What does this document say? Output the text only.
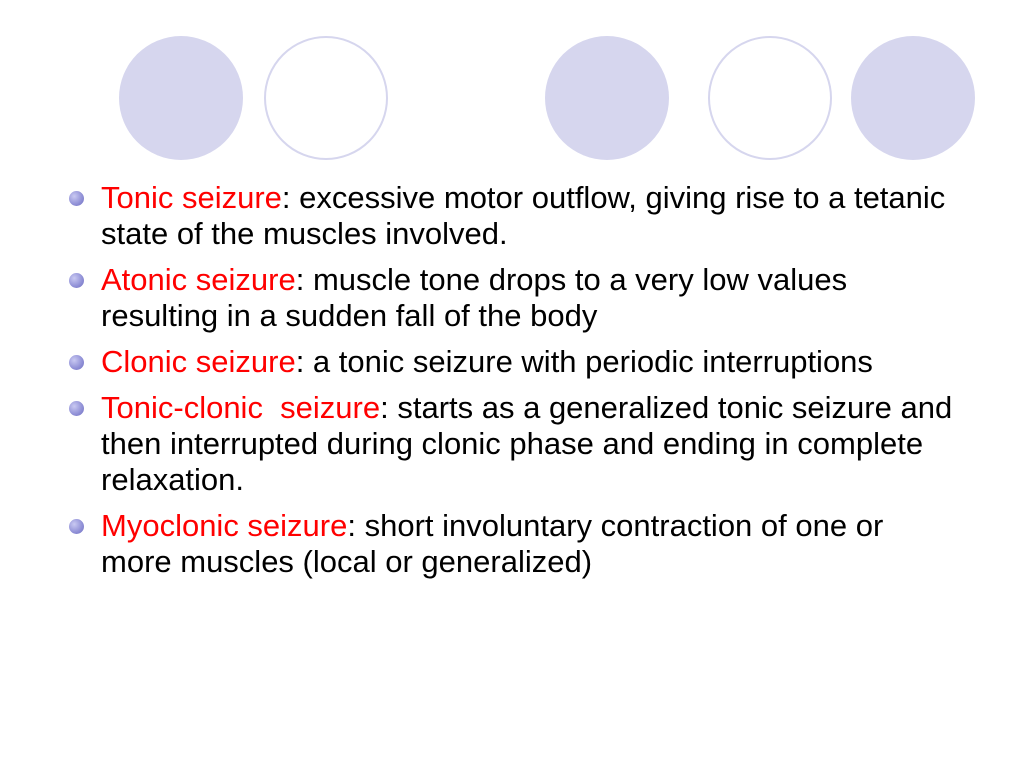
Tonic seizure: excessive motor outflow, giving rise to a tetanic state of the muscles involved.
Atonic seizure: muscle tone drops to a very low values resulting in a sudden fall of the body
Clonic seizure: a tonic seizure with periodic interruptions
Tonic-clonic  seizure: starts as a generalized tonic seizure and then interrupted during clonic phase and ending in complete relaxation.
Myoclonic seizure: short involuntary contraction of one or more muscles (local or generalized)
